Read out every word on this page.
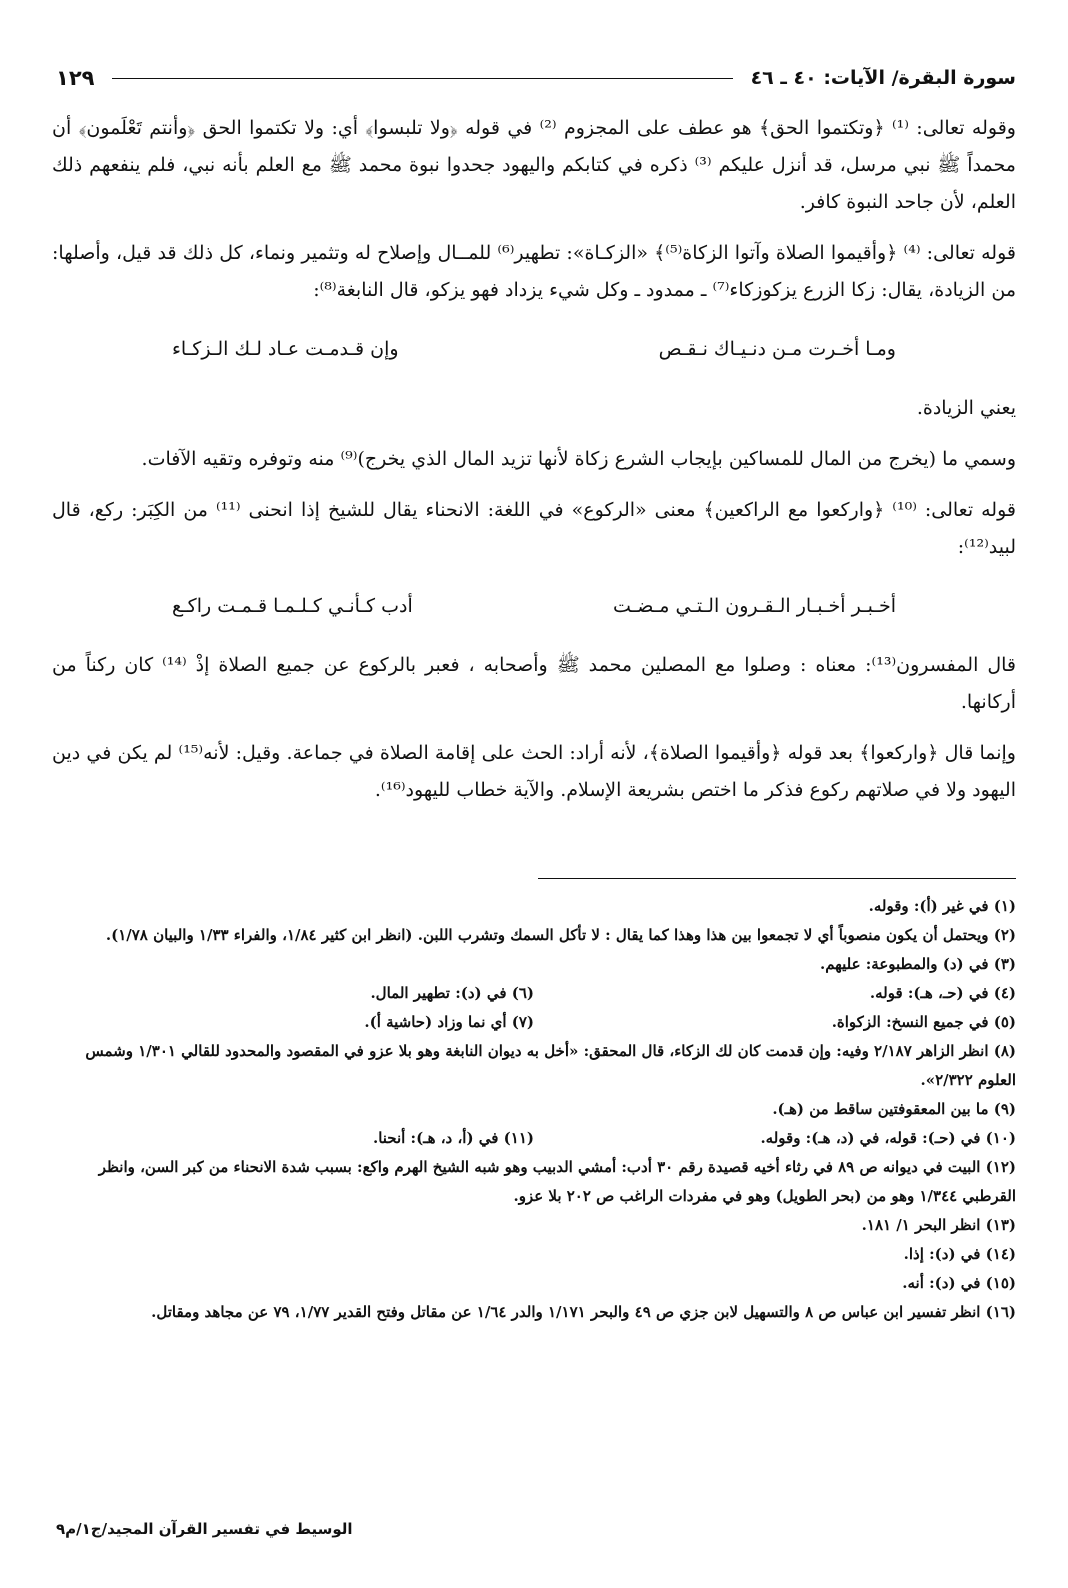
سورة البقرة/ الآيات: ٤٠ ـ ٤٦
١٢٩

وقوله تعالى: ⁽¹⁾ ﴿وتكتموا الحق﴾ هو عطف على المجزوم ⁽²⁾ في قوله ﴿ولا تلبسوا﴾ أي: ولا تكتموا الحق ﴿وأنتم تَعْلَمون﴾ أن محمداً ﷺ نبي مرسل، قد أنزل عليكم ⁽³⁾ ذكره في كتابكم واليهود جحدوا نبوة محمد ﷺ مع العلم بأنه نبي، فلم ينفعهم ذلك العلم، لأن جاحد النبوة كافر.

قوله تعالى: ⁽⁴⁾ ﴿وأقيموا الصلاة وآتوا الزكاة⁽⁵⁾﴾ «الزكـاة»: تطهير⁽⁶⁾ للمــال وإصلاح له وتثمير ونماء، كل ذلك قد قيل، وأصلها: من الزيادة، يقال: زكا الزرع يزكوزكاء⁽⁷⁾ ـ ممدود ـ وكل شيء يزداد فهو يزكو، قال النابغة⁽⁸⁾:

ومـا أخـرت مـن دنـيـاك نـقـص
وإن قـدمـت عـاد لـك الـزكـاء

يعني الزيادة.

وسمي ما (يخرج من المال للمساكين بإيجاب الشرع زكاة لأنها تزيد المال الذي يخرج)⁽⁹⁾ منه وتوفره وتقيه الآفات.

قوله تعالى: ⁽¹⁰⁾ ﴿واركعوا مع الراكعين﴾ معنى «الركوع» في اللغة: الانحناء يقال للشيخ إذا انحنى ⁽¹¹⁾ من الكِبَر: ركع، قال لبيد⁽¹²⁾:

أخـبـر أخـبـار الـقـرون الـتـي مـضـت
أدب كـأنـي كـلـمـا قـمـت راكـع

قال المفسرون⁽¹³⁾: معناه : وصلوا مع المصلين محمد ﷺ وأصحابه ، فعبر بالركوع عن جميع الصلاة إذْ ⁽¹⁴⁾ كان ركناً من أركانها.

وإنما قال ﴿واركعوا﴾ بعد قوله ﴿وأقيموا الصلاة﴾، لأنه أراد: الحث على إقامة الصلاة في جماعة. وقيل: لأنه⁽¹⁵⁾ لم يكن في دين اليهود ولا في صلاتهم ركوع فذكر ما اختص بشريعة الإسلام. والآية خطاب لليهود⁽¹⁶⁾.

(١) في غير (أ): وقوله.

(٢) ويحتمل أن يكون منصوباً أي لا تجمعوا بين هذا وهذا كما يقال : لا تأكل السمك وتشرب اللبن. (انظر ابن كثير ١/٨٤، والفراء ١/٣٣ والبيان ١/٧٨).

(٣) في (د) والمطبوعة: عليهم.

(٤) في (حـ، هـ): قوله.

(٦) في (د): تطهير المال.

(٥) في جميع النسخ: الزكواة.

(٧) أي نما وزاد (حاشية أ).

(٨) انظر الزاهر ٢/١٨٧ وفيه: وإن قدمت كان لك الزكاء، قال المحقق: «أخل به ديوان النابغة وهو بلا عزو في المقصود والمحدود للقالي ١/٣٠١ وشمس العلوم ٢/٣٢٢».

(٩) ما بين المعقوفتين ساقط من (هـ).

(١٠) في (حـ): قوله، في (د، هـ): وقوله.

(١١) في (أ، د، هـ): أنحنا.

(١٢) البيت في ديوانه ص ٨٩ في رثاء أخيه قصيدة رقم ٣٠ أدب: أمشي الدبيب وهو شبه الشيخ الهرم واكع: بسبب شدة الانحناء من كبر السن، وانظر القرطبي ١/٣٤٤ وهو من (بحر الطويل) وهو في مفردات الراغب ص ٢٠٢ بلا عزو.

(١٣) انظر البحر ١/ ١٨١.

(١٤) في (د): إذا.

(١٥) في (د): أنه.

(١٦) انظر تفسير ابن عباس ص ٨ والتسهيل لابن جزي ص ٤٩ والبحر ١/١٧١ والدر ١/٦٤ عن مقاتل وفتح القدير ١/٧٧، ٧٩ عن مجاهد ومقاتل.

الوسيط في تفسير القرآن المجيد/ج١/م٩
